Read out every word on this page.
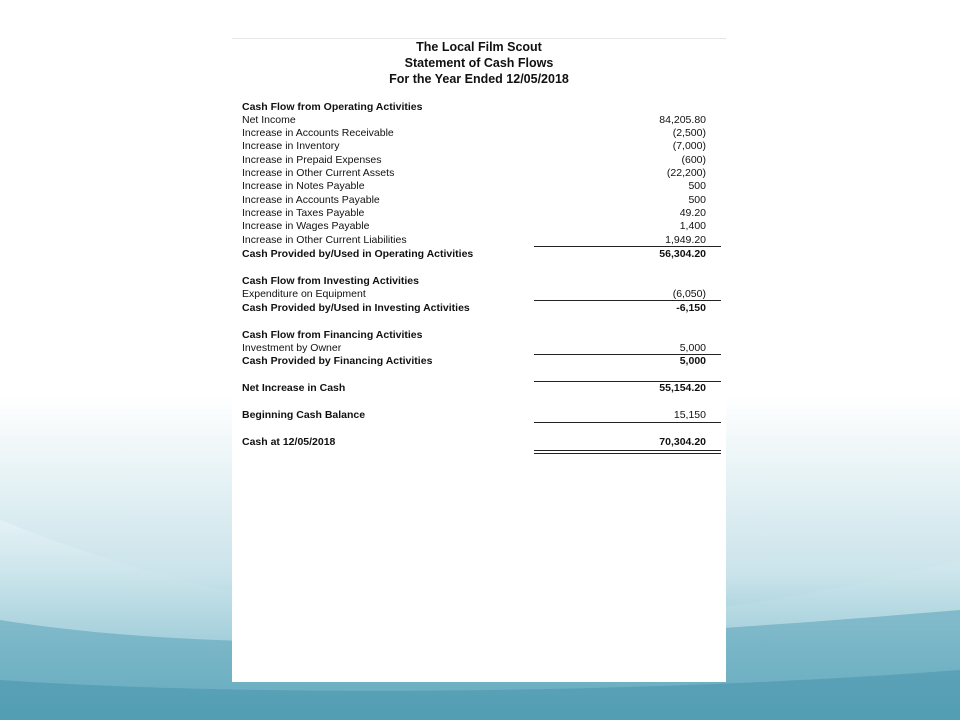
The Local Film Scout
Statement of Cash Flows
For the Year Ended 12/05/2018
Cash Flow from Operating Activities
Net Income	84,205.80
Increase in Accounts Receivable	(2,500)
Increase in Inventory	(7,000)
Increase in Prepaid Expenses	(600)
Increase in Other Current Assets	(22,200)
Increase in Notes Payable	500
Increase in Accounts Payable	500
Increase in Taxes Payable	49.20
Increase in Wages Payable	1,400
Increase in Other Current Liabilities	1,949.20
Cash Provided by/Used in Operating Activities	56,304.20
Cash Flow from Investing Activities
Expenditure on Equipment	(6,050)
Cash Provided by/Used in Investing Activities	-6,150
Cash Flow from Financing Activities
Investment by Owner	5,000
Cash Provided by Financing Activities	5,000
Net Increase in Cash	55,154.20
Beginning Cash Balance	15,150
Cash at 12/05/2018	70,304.20
